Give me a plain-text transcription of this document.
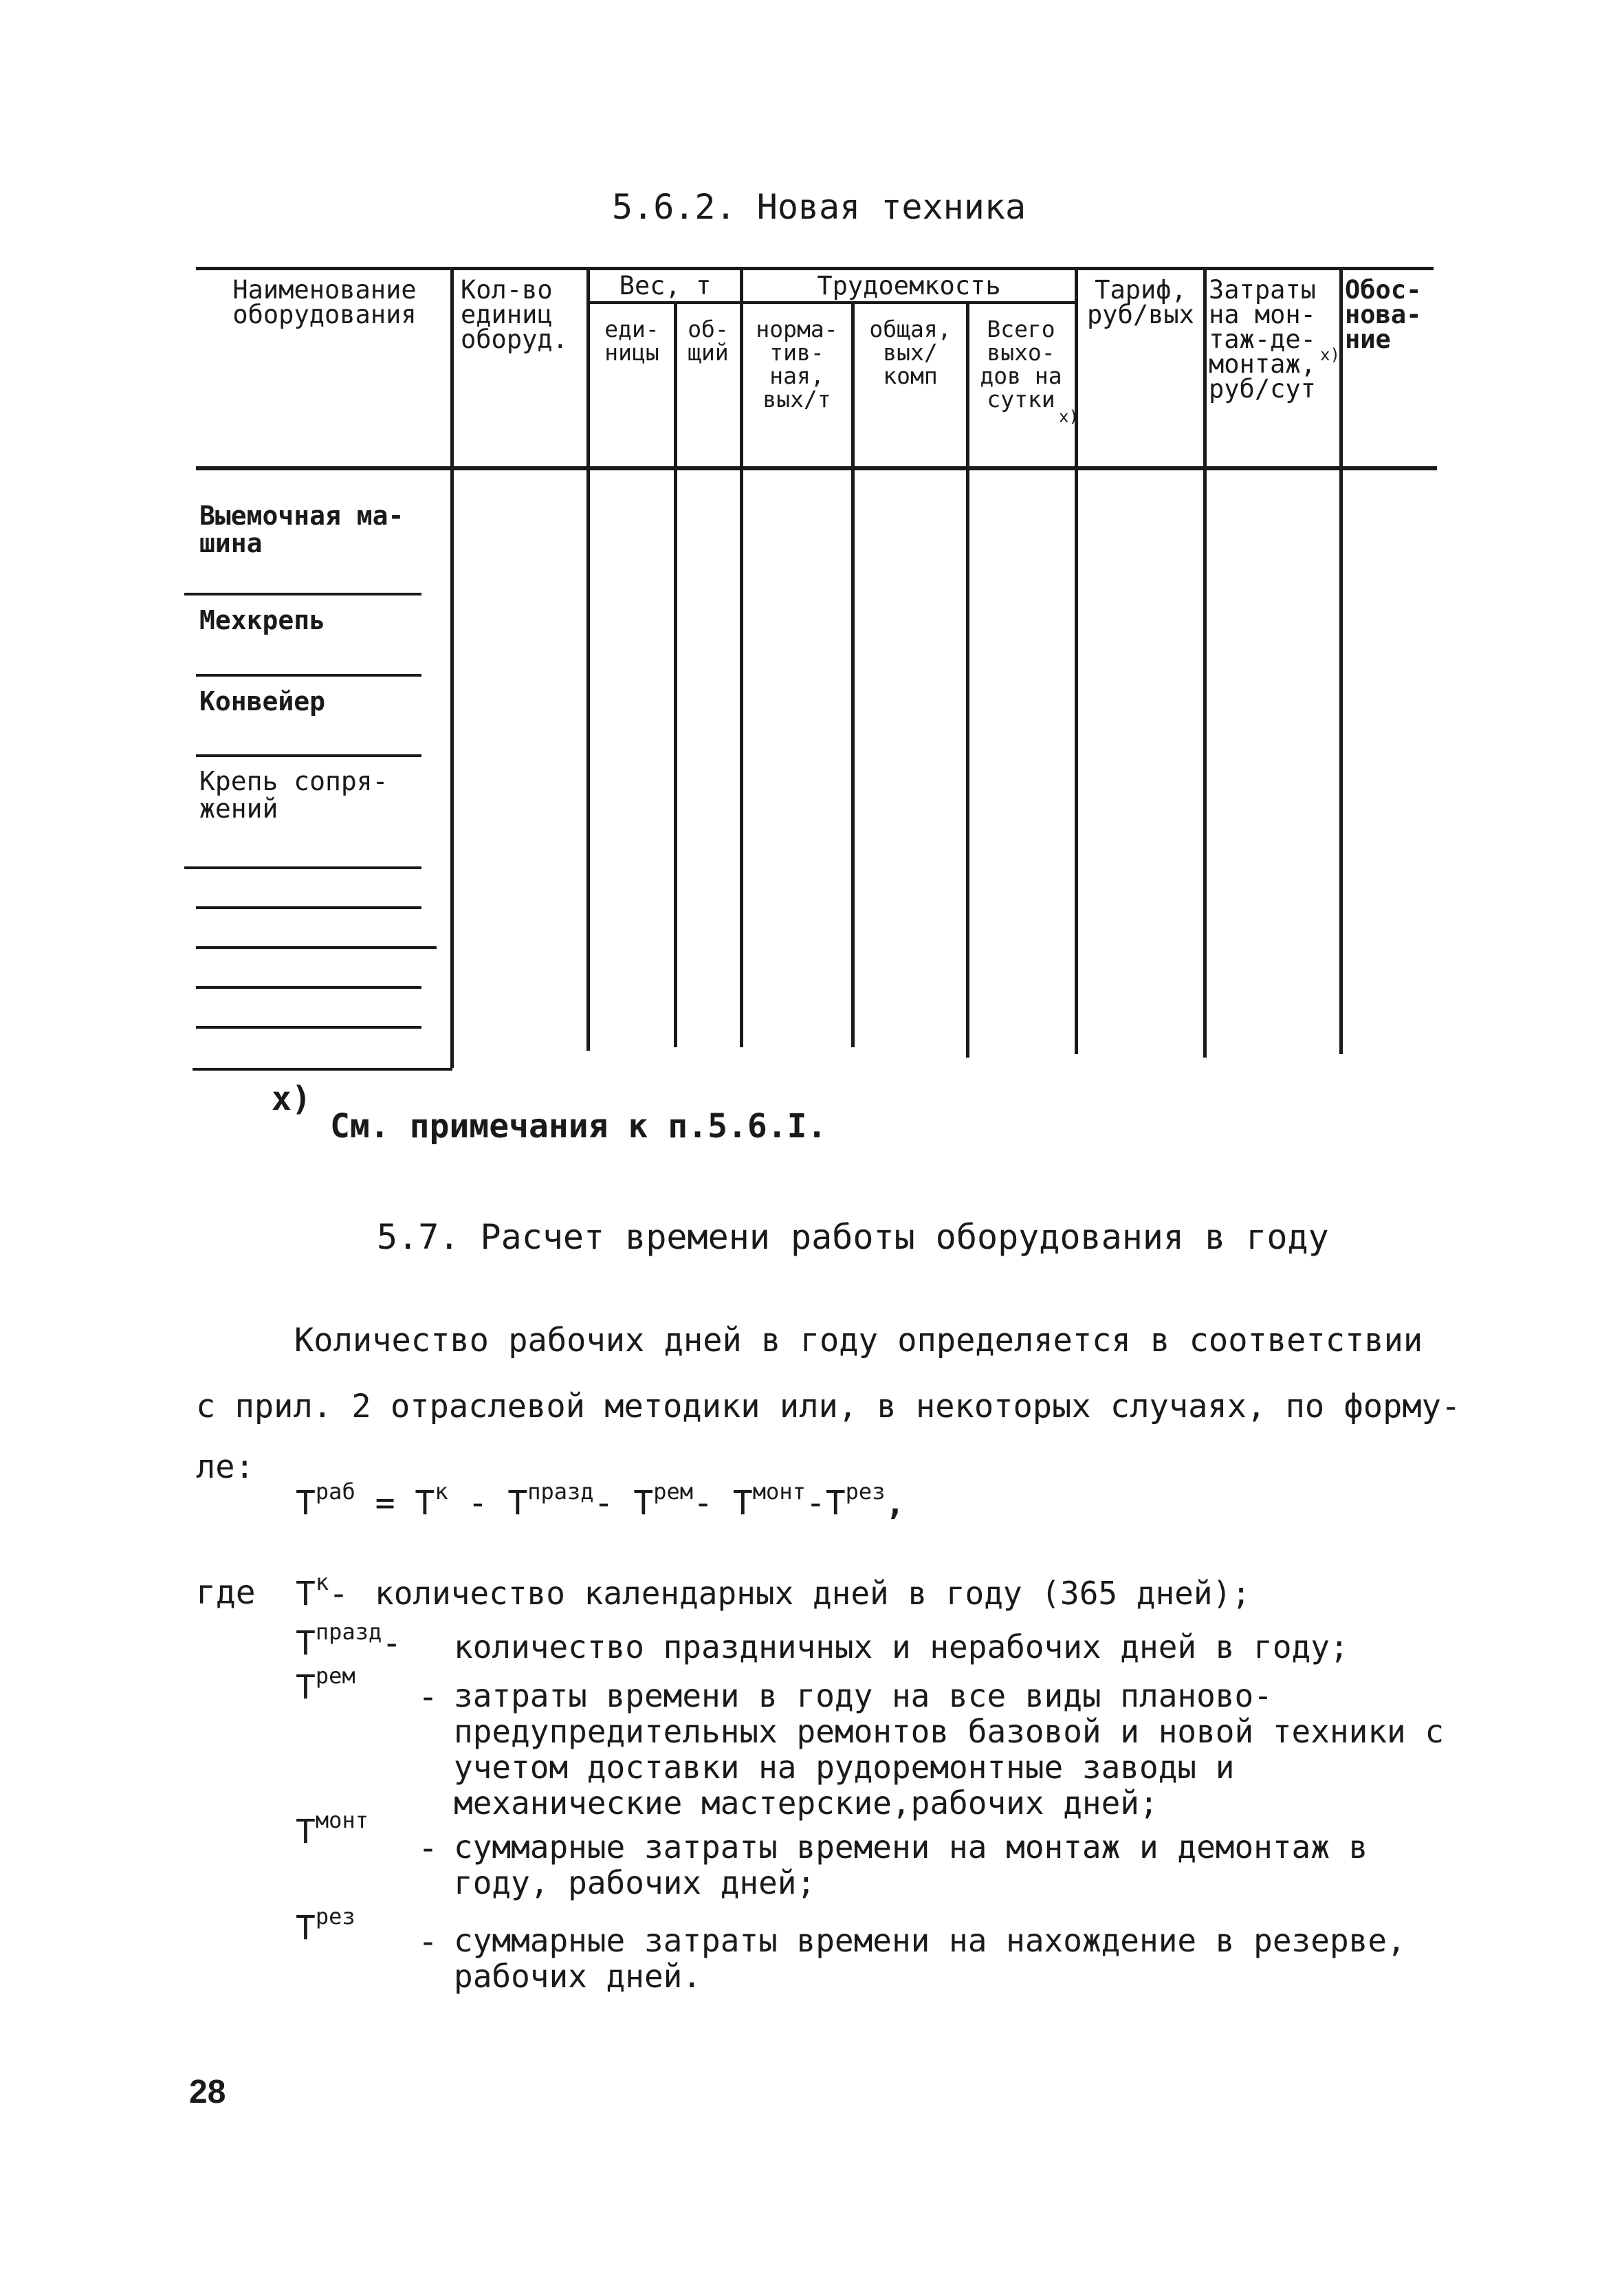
5.6.2. Новая техника
Наименование оборудования
Кол-во единиц оборуд.
Вес, т
еди- ницы
об- щий
Трудоемкость
норма- тив- ная, вых/т
общая, вых/ комп
Всего выхо- дов на сутки
x)
Тариф, руб/вых
Затраты на мон- таж-де- монтаж, руб/сут
x)
Обос- нова- ние
Выемочная ма- шина
Мехкрепь
Конвейер
Крепь сопря- жений
x)
См. примечания к п.5.6.I.
5.7. Расчет времени работы оборудования в году
Количество рабочих дней в году определяется в соответствии
с прил. 2 отраслевой методики или, в некоторых случаях, по форму-
ле:
$T^{раб} = T^к - T^{празд}-$ $T^{рем}-$ $T^{монт}-T^{рез}$,
где $T^к-$ количество календарных дней в году (365 дней);
$T^{празд}-$ количество праздничных и нерабочих дней в году;
$T^{рем}$
- затраты времени в году на все виды планово- предупредительных ремонтов базовой и новой техники с учетом доставки на рудоремонтные заводы и механические мастерские,рабочих дней;
$T^{монт}$
- суммарные затраты времени на монтаж и демонтаж в году, рабочих дней;
$T^{рез}$
- суммарные затраты времени на нахождение в резерве, рабочих дней.
28
